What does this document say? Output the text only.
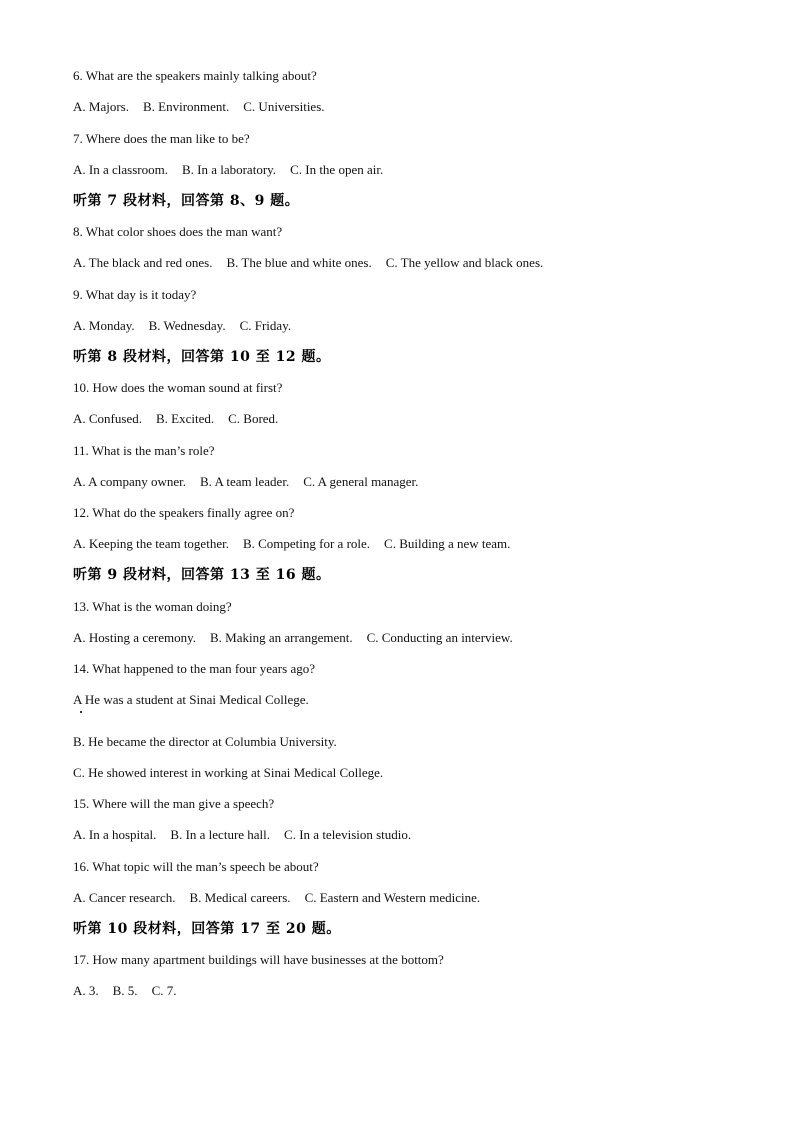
6. What are the speakers mainly talking about?
A. Majors. B. Environment. C. Universities.
7. Where does the man like to be?
A. In a classroom. B. In a laboratory. C. In the open air.
听第 7 段材料，回答第 8、9 题。
8. What color shoes does the man want?
A. The black and red ones. B. The blue and white ones. C. The yellow and black ones.
9. What day is it today?
A. Monday. B. Wednesday. C. Friday.
听第 8 段材料，回答第 10 至 12 题。
10. How does the woman sound at first?
A. Confused. B. Excited. C. Bored.
11. What is the man’s role?
A. A company owner. B. A team leader. C. A general manager.
12. What do the speakers finally agree on?
A. Keeping the team together. B. Competing for a role. C. Building a new team.
听第 9 段材料，回答第 13 至 16 题。
13. What is the woman doing?
A. Hosting a ceremony. B. Making an arrangement. C. Conducting an interview.
14. What happened to the man four years ago?
A He was a student at Sinai Medical College.
B. He became the director at Columbia University.
C. He showed interest in working at Sinai Medical College.
15. Where will the man give a speech?
A. In a hospital. B. In a lecture hall. C. In a television studio.
16. What topic will the man’s speech be about?
A. Cancer research. B. Medical careers. C. Eastern and Western medicine.
听第 10 段材料，回答第 17 至 20 题。
17. How many apartment buildings will have businesses at the bottom?
A. 3. B. 5. C. 7.
